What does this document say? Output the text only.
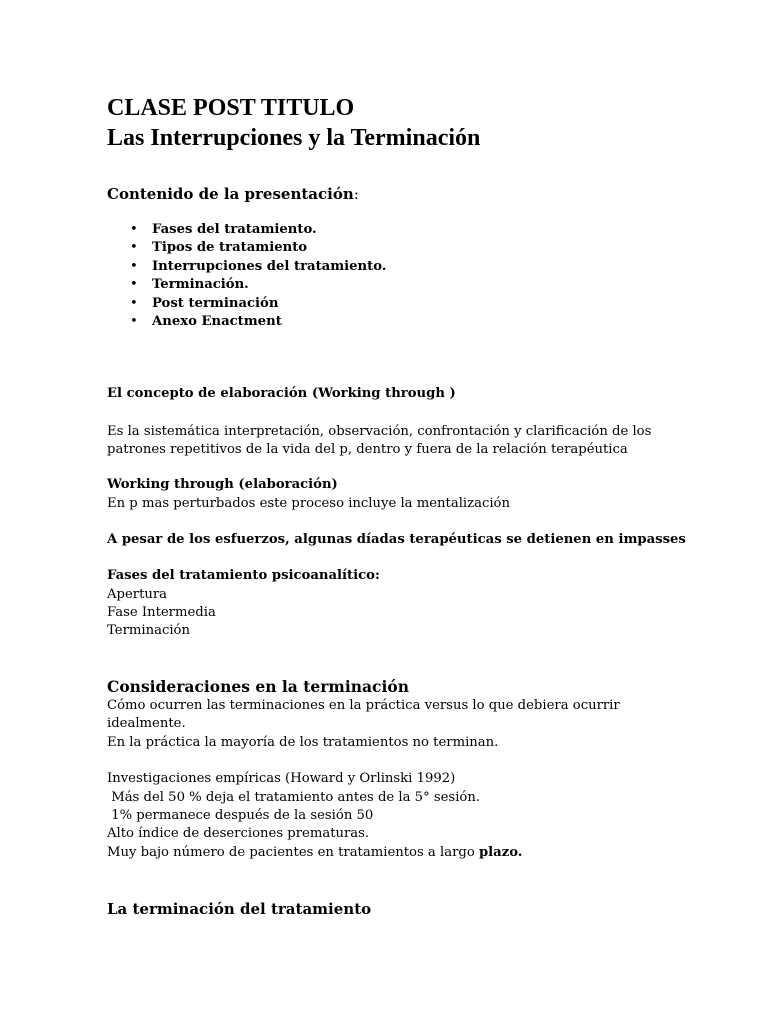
CLASE POST TITULO
Las Interrupciones y la Terminación
Contenido de la presentación:
• Fases del tratamiento.
• Tipos de tratamiento
• Interrupciones del tratamiento.
• Terminación.
• Post terminación
• Anexo Enactment
El concepto de elaboración (Working through )
Es la sistemática interpretación, observación, confrontación y clarificación de los
patrones repetitivos de la vida del p, dentro y fuera de la relación terapéutica
Working through (elaboración)
En p mas perturbados este proceso incluye la mentalización
A pesar de los esfuerzos, algunas díadas terapéuticas se detienen en impasses
Fases del tratamiento psicoanalítico:
Apertura
Fase Intermedia
Terminación
Consideraciones en la terminación
Cómo ocurren las terminaciones en la práctica versus lo que debiera ocurrir
idealmente.
En la práctica la mayoría de los tratamientos no terminan.
Investigaciones empíricas (Howard y Orlinski 1992)
Más del 50 % deja el tratamiento antes de la 5° sesión.
1% permanece después de la sesión 50
Alto índice de deserciones prematuras.
Muy bajo número de pacientes en tratamientos a largo plazo.
La terminación del tratamiento
